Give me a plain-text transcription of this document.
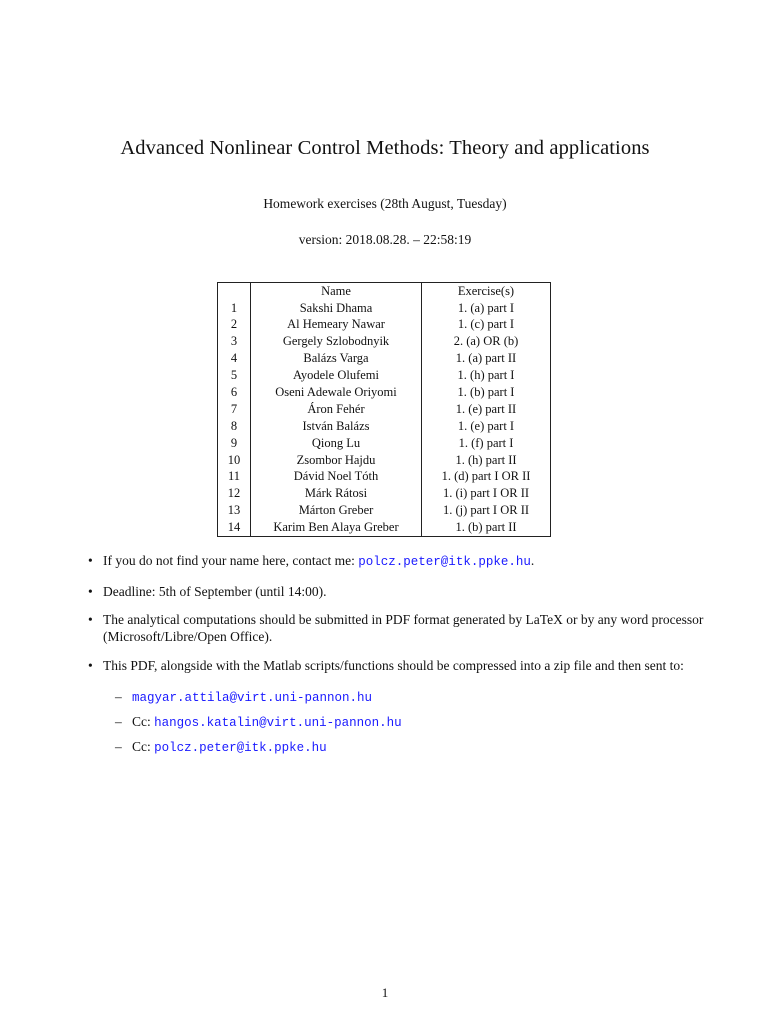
Advanced Nonlinear Control Methods: Theory and applications
Homework exercises (28th August, Tuesday)
version: 2018.08.28. – 22:58:19
	Name	Exercise(s)
1	Sakshi Dhama	1. (a) part I
2	Al Hemeary Nawar	1. (c) part I
3	Gergely Szlobodnyik	2. (a) OR (b)
4	Balázs Varga	1. (a) part II
5	Ayodele Olufemi	1. (h) part I
6	Oseni Adewale Oriyomi	1. (b) part I
7	Áron Fehér	1. (e) part II
8	István Balázs	1. (e) part I
9	Qiong Lu	1. (f) part I
10	Zsombor Hajdu	1. (h) part II
11	Dávid Noel Tóth	1. (d) part I OR II
12	Márk Rátosi	1. (i) part I OR II
13	Márton Greber	1. (j) part I OR II
14	Karim Ben Alaya Greber	1. (b) part II
• If you do not find your name here, contact me: polcz.peter@itk.ppke.hu.
• Deadline: 5th of September (until 14:00).
• The analytical computations should be submitted in PDF format generated by LaTeX or by any word processor (Microsoft/Libre/Open Office).
• This PDF, alongside with the Matlab scripts/functions should be compressed into a zip file and then sent to:
– magyar.attila@virt.uni-pannon.hu
– Cc: hangos.katalin@virt.uni-pannon.hu
– Cc: polcz.peter@itk.ppke.hu
1
